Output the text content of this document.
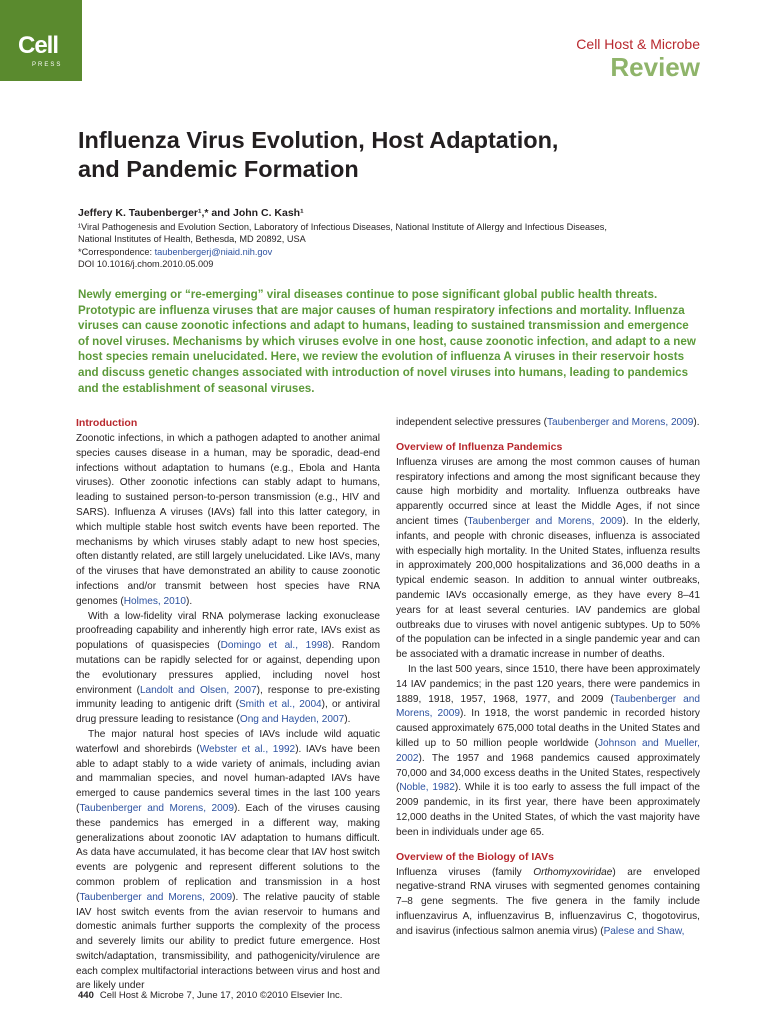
Cell
PRESS
Cell Host & Microbe
Review
Influenza Virus Evolution, Host Adaptation,
and Pandemic Formation
Jeffery K. Taubenberger¹,* and John C. Kash¹
¹Viral Pathogenesis and Evolution Section, Laboratory of Infectious Diseases, National Institute of Allergy and Infectious Diseases,
National Institutes of Health, Bethesda, MD 20892, USA
*Correspondence: taubenbergerj@niaid.nih.gov
DOI 10.1016/j.chom.2010.05.009

Newly emerging or “re-emerging” viral diseases continue to pose significant global public health threats. Prototypic are influenza viruses that are major causes of human respiratory infections and mortality. Influenza viruses can cause zoonotic infections and adapt to humans, leading to sustained transmission and emergence of novel viruses. Mechanisms by which viruses evolve in one host, cause zoonotic infection, and adapt to a new host species remain unelucidated. Here, we review the evolution of influenza A viruses in their reservoir hosts and discuss genetic changes associated with introduction of novel viruses into humans, leading to pandemics and the establishment of seasonal viruses.

Introduction

Zoonotic infections, in which a pathogen adapted to another animal species causes disease in a human, may be sporadic, dead-end infections without adaptation to humans (e.g., Ebola and Hanta viruses). Other zoonotic infections can stably adapt to humans, leading to sustained person-to-person transmission (e.g., HIV and SARS). Influenza A viruses (IAVs) fall into this latter category, in which multiple stable host switch events have been reported. The mechanisms by which viruses stably adapt to new host species, often distantly related, are still largely unelucidated. Like IAVs, many of the viruses that have demonstrated an ability to cause zoonotic infections and/or transmit between host species have RNA genomes (Holmes, 2010).

With a low-fidelity viral RNA polymerase lacking exonuclease proofreading capability and inherently high error rate, IAVs exist as populations of quasispecies (Domingo et al., 1998). Random mutations can be rapidly selected for or against, depending upon the evolutionary pressures applied, including novel host environment (Landolt and Olsen, 2007), response to pre-existing immunity leading to antigenic drift (Smith et al., 2004), or antiviral drug pressure leading to resistance (Ong and Hayden, 2007).

The major natural host species of IAVs include wild aquatic waterfowl and shorebirds (Webster et al., 1992). IAVs have been able to adapt stably to a wide variety of animals, including avian and mammalian species, and novel human-adapted IAVs have emerged to cause pandemics several times in the last 100 years (Taubenberger and Morens, 2009). Each of the viruses causing these pandemics has emerged in a different way, making generalizations about zoonotic IAV adaptation to humans difficult. As data have accumulated, it has become clear that IAV host switch events are polygenic and represent different solutions to the common problem of replication and transmission in a host (Taubenberger and Morens, 2009). The relative paucity of stable IAV host switch events from the avian reservoir to humans and domestic animals further supports the complexity of the process and severely limits our ability to predict future emergence. Host switch/adaptation, transmissibility, and pathogenicity/virulence are each complex multifactorial interactions between virus and host and are likely under

independent selective pressures (Taubenberger and Morens, 2009).

Overview of Influenza Pandemics

Influenza viruses are among the most common causes of human respiratory infections and among the most significant because they cause high morbidity and mortality. Influenza outbreaks have apparently occurred since at least the Middle Ages, if not since ancient times (Taubenberger and Morens, 2009). In the elderly, infants, and people with chronic diseases, influenza is associated with especially high mortality. In the United States, influenza results in approximately 200,000 hospitalizations and 36,000 deaths in a typical endemic season. In addition to annual winter outbreaks, pandemic IAVs occasionally emerge, as they have every 8–41 years for at least several centuries. IAV pandemics are global outbreaks due to viruses with novel antigenic subtypes. Up to 50% of the population can be infected in a single pandemic year and can be associated with a dramatic increase in number of deaths.

In the last 500 years, since 1510, there have been approximately 14 IAV pandemics; in the past 120 years, there were pandemics in 1889, 1918, 1957, 1968, 1977, and 2009 (Taubenberger and Morens, 2009). In 1918, the worst pandemic in recorded history caused approximately 675,000 total deaths in the United States and killed up to 50 million people worldwide (Johnson and Mueller, 2002). The 1957 and 1968 pandemics caused approximately 70,000 and 34,000 excess deaths in the United States, respectively (Noble, 1982). While it is too early to assess the full impact of the 2009 pandemic, in its first year, there have been approximately 12,000 deaths in the United States, of which the vast majority have been in individuals under age 65.

Overview of the Biology of IAVs

Influenza viruses (family Orthomyxoviridae) are enveloped negative-strand RNA viruses with segmented genomes containing 7–8 gene segments. The five genera in the family include influenzavirus A, influenzavirus B, influenzavirus C, thogotovirus, and isavirus (infectious salmon anemia virus) (Palese and Shaw,

440 Cell Host & Microbe 7, June 17, 2010 ©2010 Elsevier Inc.
